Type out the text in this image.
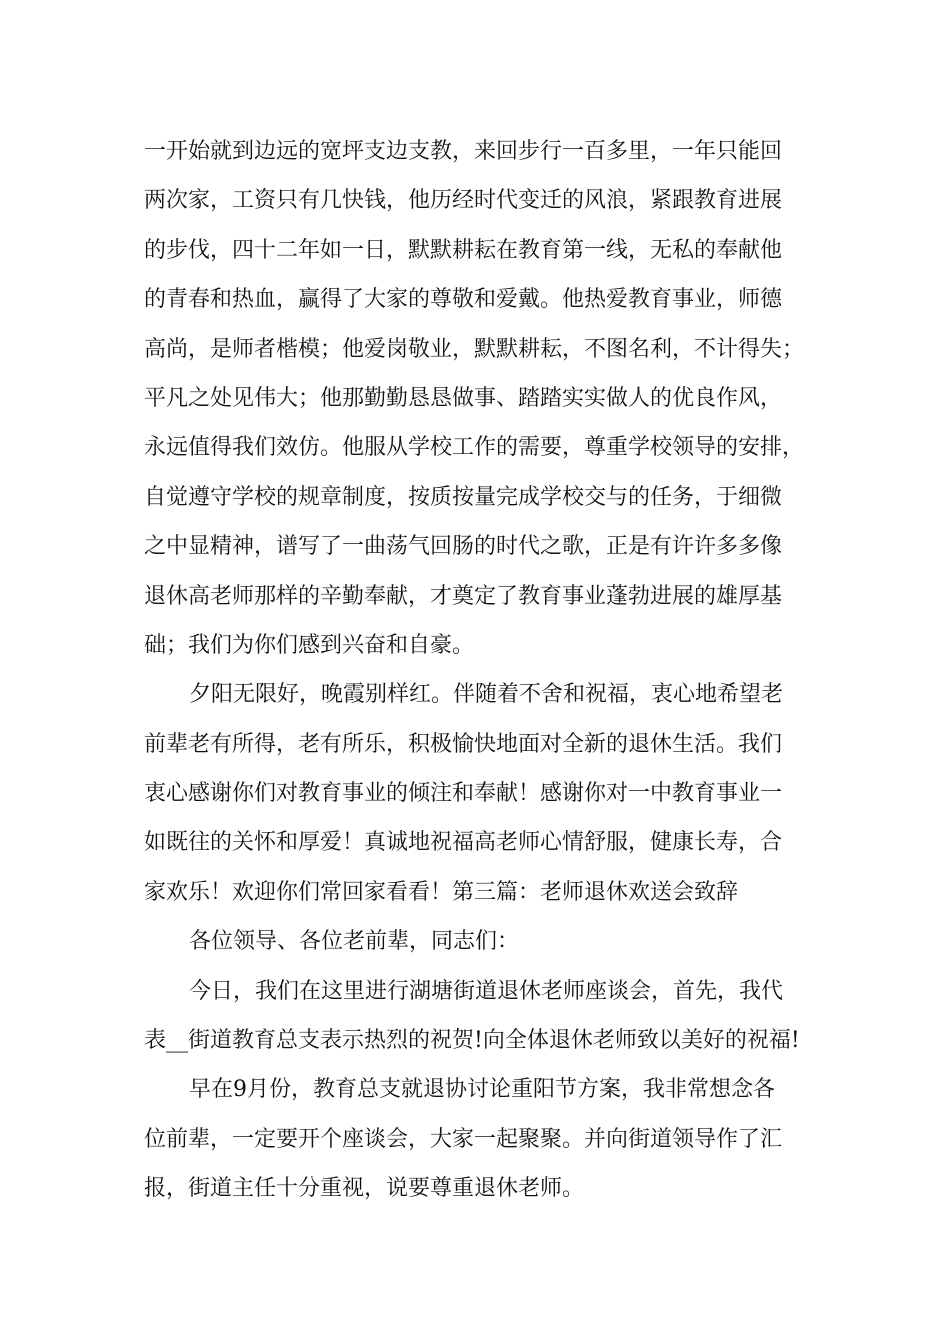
一开始就到边远的宽坪支边支教，来回步行一百多里，一年只能回
两次家，工资只有几快钱，他历经时代变迁的风浪，紧跟教育进展
的步伐，四十二年如一日，默默耕耘在教育第一线，无私的奉献他
的青春和热血，赢得了大家的尊敬和爱戴。他热爱教育事业，师德
高尚，是师者楷模；他爱岗敬业，默默耕耘，不图名利，不计得失；
平凡之处见伟大；他那勤勤恳恳做事、踏踏实实做人的优良作风，
永远值得我们效仿。他服从学校工作的需要，尊重学校领导的安排，
自觉遵守学校的规章制度，按质按量完成学校交与的任务，于细微
之中显精神，谱写了一曲荡气回肠的时代之歌，正是有许许多多像
退休高老师那样的辛勤奉献，才奠定了教育事业蓬勃进展的雄厚基
础；我们为你们感到兴奋和自豪。
夕阳无限好，晚霞别样红。伴随着不舍和祝福，衷心地希望老
前辈老有所得，老有所乐，积极愉快地面对全新的退休生活。我们
衷心感谢你们对教育事业的倾注和奉献！感谢你对一中教育事业一
如既往的关怀和厚爱！真诚地祝福高老师心情舒服，健康长寿，合
家欢乐！欢迎你们常回家看看！第三篇：老师退休欢送会致辞
各位领导、各位老前辈，同志们：
今日，我们在这里进行湖塘街道退休老师座谈会，首先，我代
表__街道教育总支表示热烈的祝贺!向全体退休老师致以美好的祝福!
早在9月份，教育总支就退协讨论重阳节方案，我非常想念各
位前辈，一定要开个座谈会，大家一起聚聚。并向街道领导作了汇
报，街道主任十分重视，说要尊重退休老师。
